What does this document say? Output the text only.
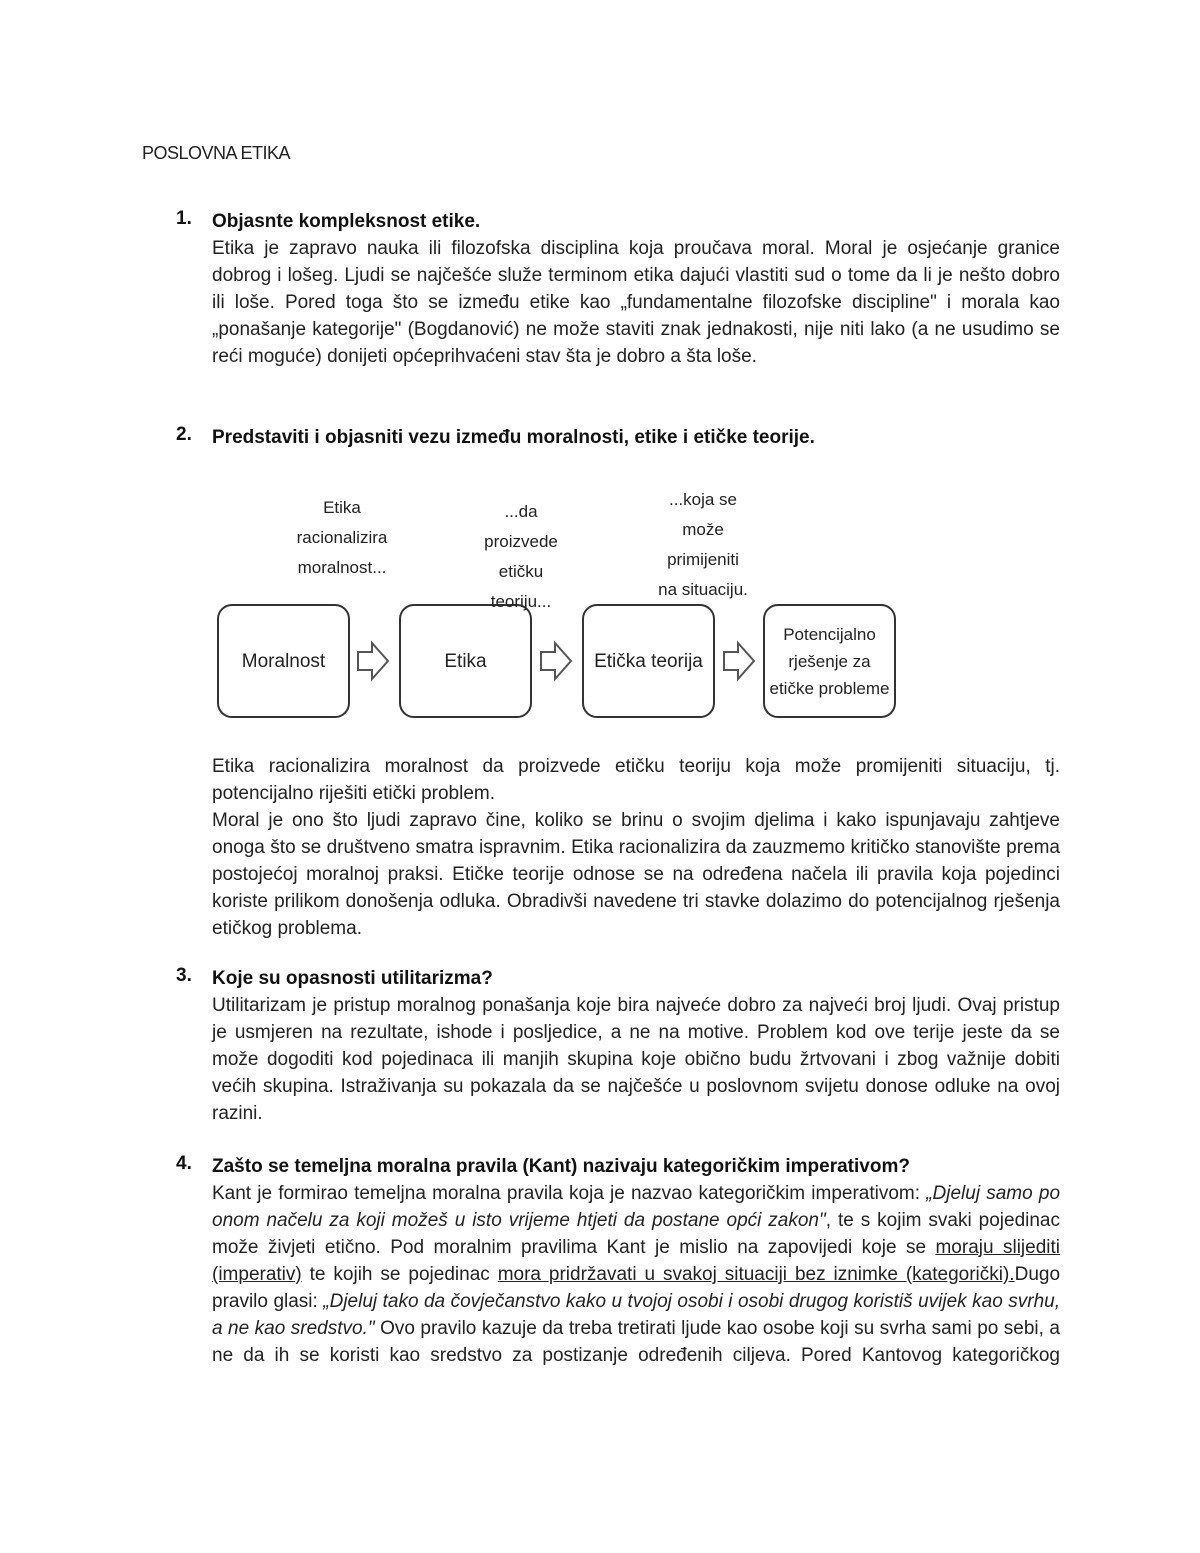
POSLOVNA ETIKA
1. Objasnte kompleksnost etike.

Etika je zapravo nauka ili filozofska disciplina koja proučava moral. Moral je osjećanje granice dobrog i lošeg. Ljudi se najčešće služe terminom etika dajući vlastiti sud o tome da li je nešto dobro ili loše. Pored toga što se između etike kao „fundamentalne filozofske discipline" i morala kao „ponašanje kategorije" (Bogdanović) ne može staviti znak jednakosti, nije niti lako (a ne usudimo se reći moguće) donijeti općeprihvaćeni stav šta je dobro a šta loše.

2. Predstaviti i objasniti vezu između moralnosti, etike i etičke teorije.
Moralnost	Etika	Etička teorija
Potencijalno
rješenje za
etičke probleme
Etika
racionalizira
moralnost...
...da
proizvede
etičku
teoriju...
...koja se
može
primijeniti
na situaciju.

Etika racionalizira moralnost da proizvede etičku teoriju koja može promijeniti situaciju, tj. potencijalno riješiti etički problem.

Moral je ono što ljudi zapravo čine, koliko se brinu o svojim djelima i kako ispunjavaju zahtjeve onoga što se društveno smatra ispravnim. Etika racionalizira da zauzmemo kritičko stanovište prema postojećoj moralnoj praksi. Etičke teorije odnose se na određena načela ili pravila koja pojedinci koriste prilikom donošenja odluka. Obradivši navedene tri stavke dolazimo do potencijalnog rješenja etičkog problema.

3. Koje su opasnosti utilitarizma?

Utilitarizam je pristup moralnog ponašanja koje bira najveće dobro za najveći broj ljudi. Ovaj pristup je usmjeren na rezultate, ishode i posljedice, a ne na motive. Problem kod ove terije jeste da se može dogoditi kod pojedinaca ili manjih skupina koje obično budu žrtvovani i zbog važnije dobiti većih skupina. Istraživanja su pokazala da se najčešće u poslovnom svijetu donose odluke na ovoj razini.

4. Zašto se temeljna moralna pravila (Kant) nazivaju kategoričkim imperativom?

Kant je formirao temeljna moralna pravila koja je nazvao kategoričkim imperativom: „Djeluj samo po onom načelu za koji možeš u isto vrijeme htjeti da postane opći zakon", te s kojim svaki pojedinac može živjeti etično. Pod moralnim pravilima Kant je mislio na zapovijedi koje se moraju slijediti (imperativ) te kojih se pojedinac mora pridržavati u svakoj situaciji bez iznimke (kategorički).Dugo pravilo glasi: „Djeluj tako da čovječanstvo kako u tvojoj osobi i osobi drugog koristiš uvijek kao svrhu, a ne kao sredstvo." Ovo pravilo kazuje da treba tretirati ljude kao osobe koji su svrha sami po sebi, a ne da ih se koristi kao sredstvo za postizanje određenih ciljeva. Pored Kantovog kategoričkog
